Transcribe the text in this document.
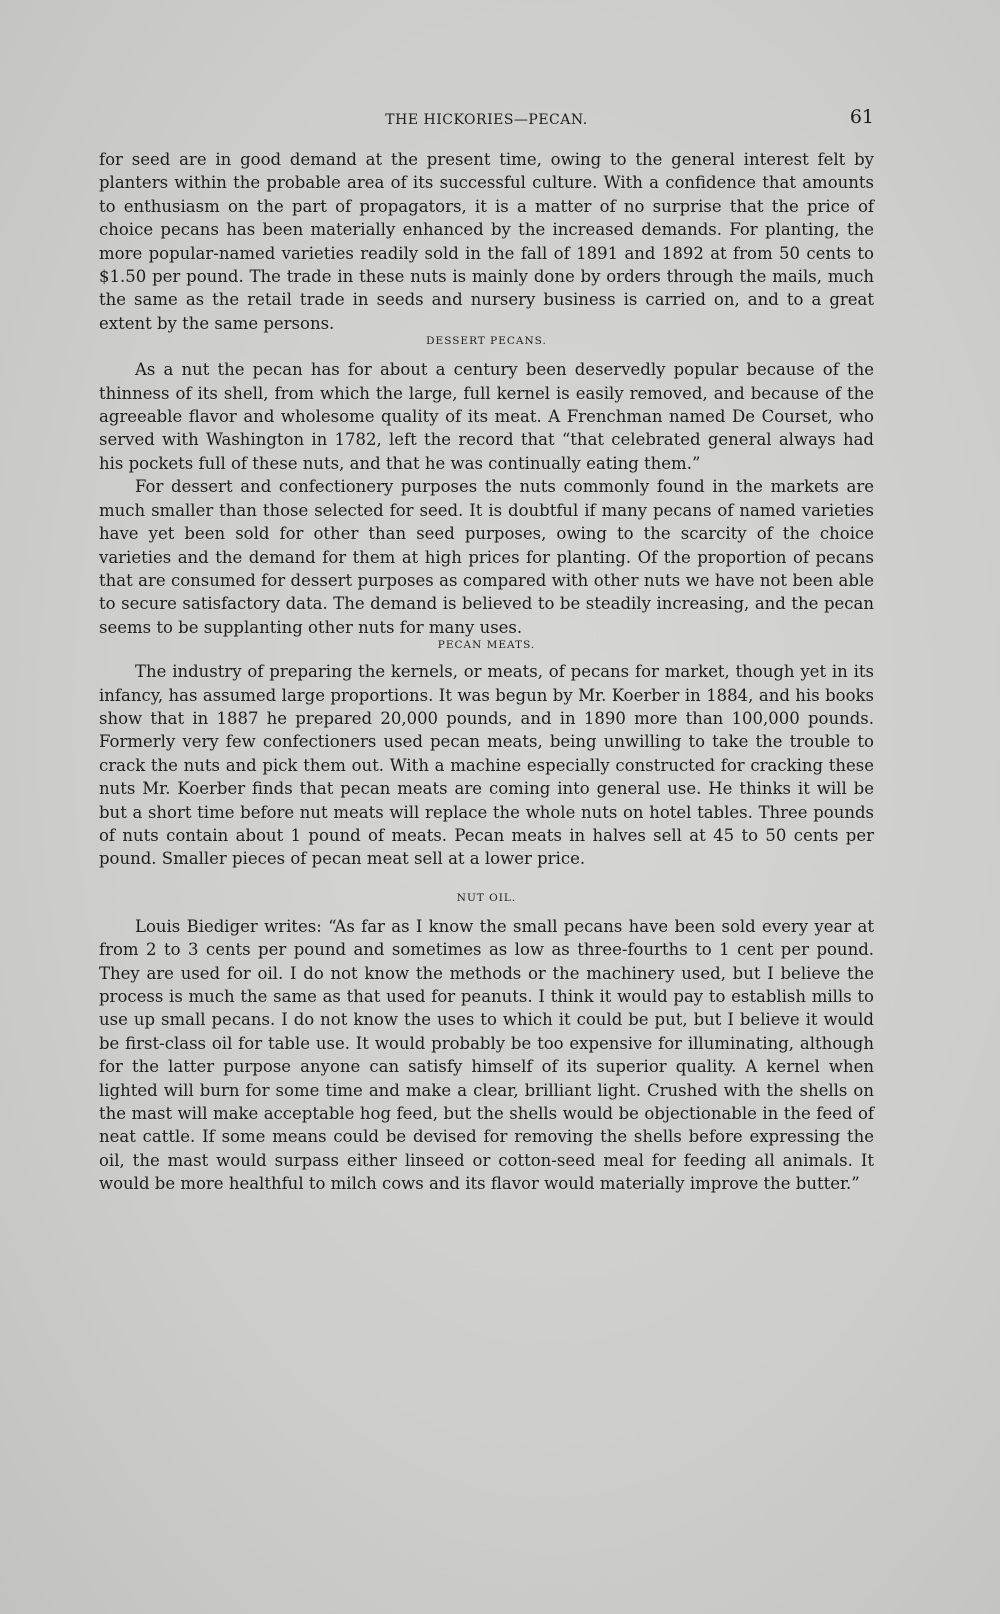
THE HICKORIES—PECAN.	61

for seed are in good demand at the present time, owing to the general interest felt by planters within the probable area of its successful culture. With a confidence that amounts to enthusiasm on the part of propagators, it is a matter of no surprise that the price of choice pecans has been materially enhanced by the increased demands. For planting, the more popular-named varieties readily sold in the fall of 1891 and 1892 at from 50 cents to $1.50 per pound. The trade in these nuts is mainly done by orders through the mails, much the same as the retail trade in seeds and nursery business is carried on, and to a great extent by the same persons.

DESSERT PECANS.

As a nut the pecan has for about a century been deservedly popular because of the thinness of its shell, from which the large, full kernel is easily removed, and because of the agreeable flavor and wholesome quality of its meat. A Frenchman named De Courset, who served with Washington in 1782, left the record that “that celebrated general always had his pockets full of these nuts, and that he was continually eating them.”

For dessert and confectionery purposes the nuts commonly found in the markets are much smaller than those selected for seed. It is doubtful if many pecans of named varieties have yet been sold for other than seed purposes, owing to the scarcity of the choice varieties and the demand for them at high prices for planting. Of the proportion of pecans that are consumed for dessert purposes as compared with other nuts we have not been able to secure satisfactory data. The demand is believed to be steadily increasing, and the pecan seems to be supplanting other nuts for many uses.

PECAN MEATS.

The industry of preparing the kernels, or meats, of pecans for market, though yet in its infancy, has assumed large proportions. It was begun by Mr. Koerber in 1884, and his books show that in 1887 he prepared 20,000 pounds, and in 1890 more than 100,000 pounds. Formerly very few confectioners used pecan meats, being unwilling to take the trouble to crack the nuts and pick them out. With a machine especially constructed for cracking these nuts Mr. Koerber finds that pecan meats are coming into general use. He thinks it will be but a short time before nut meats will replace the whole nuts on hotel tables. Three pounds of nuts contain about 1 pound of meats. Pecan meats in halves sell at 45 to 50 cents per pound. Smaller pieces of pecan meat sell at a lower price.

NUT OIL.

Louis Biediger writes: “As far as I know the small pecans have been sold every year at from 2 to 3 cents per pound and sometimes as low as three-fourths to 1 cent per pound. They are used for oil. I do not know the methods or the machinery used, but I believe the process is much the same as that used for peanuts. I think it would pay to establish mills to use up small pecans. I do not know the uses to which it could be put, but I believe it would be first-class oil for table use. It would probably be too expensive for illuminating, although for the latter purpose anyone can satisfy himself of its superior quality. A kernel when lighted will burn for some time and make a clear, brilliant light. Crushed with the shells on the mast will make acceptable hog feed, but the shells would be objectionable in the feed of neat cattle. If some means could be devised for removing the shells before expressing the oil, the mast would surpass either linseed or cotton-seed meal for feeding all animals. It would be more healthful to milch cows and its flavor would materially improve the butter.”
